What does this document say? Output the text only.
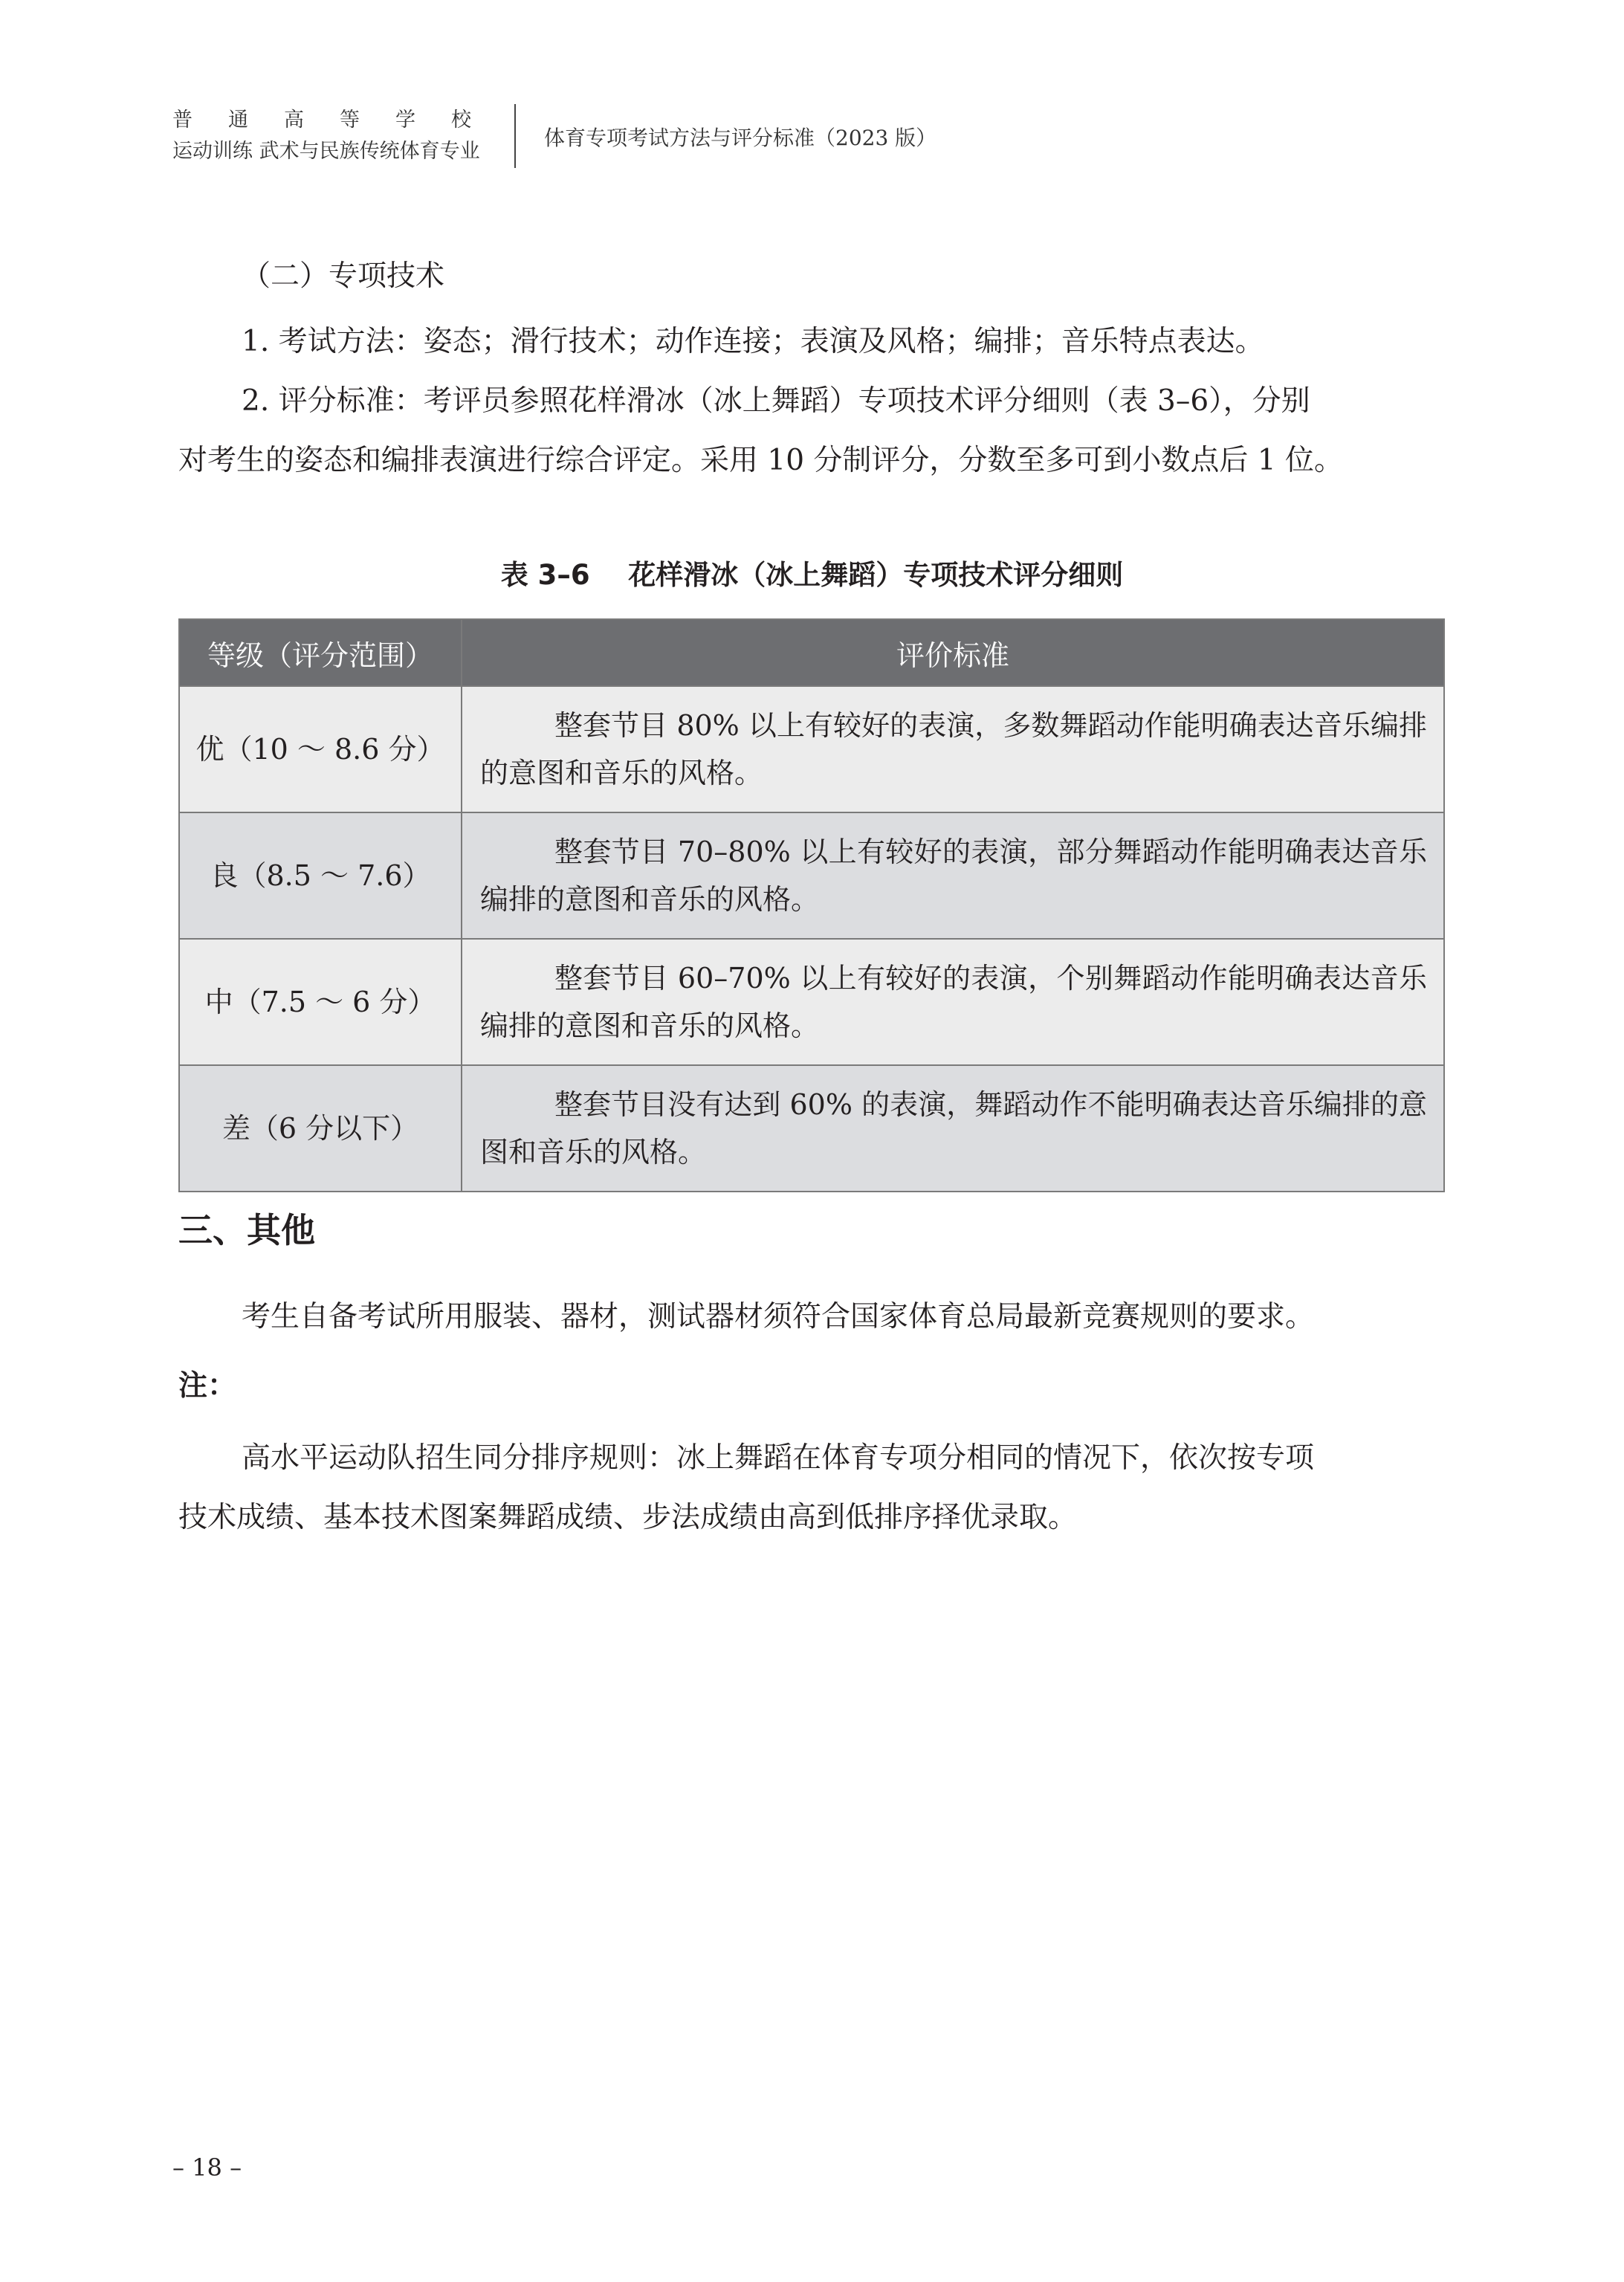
普通高等学校
运动训练 武术与民族传统体育专业
体育专项考试方法与评分标准（2023 版）
（二）专项技术
1. 考试方法：姿态；滑行技术；动作连接；表演及风格；编排；音乐特点表达。
2. 评分标准：考评员参照花样滑冰（冰上舞蹈）专项技术评分细则（表 3–6），分别
对考生的姿态和编排表演进行综合评定。采用 10 分制评分，分数至多可到小数点后 1 位。
表 3–6    花样滑冰（冰上舞蹈）专项技术评分细则
等级（评分范围）	评价标准
优（10 ～ 8.6 分）	整套节目 80% 以上有较好的表演，多数舞蹈动作能明确表达音乐编排的意图和音乐的风格。

良（8.5 ～ 7.6）	整套节目 70–80% 以上有较好的表演，部分舞蹈动作能明确表达音乐编排的意图和音乐的风格。

中（7.5 ～ 6 分）	整套节目 60–70% 以上有较好的表演，个别舞蹈动作能明确表达音乐编排的意图和音乐的风格。

差（6 分以下）	整套节目没有达到 60% 的表演，舞蹈动作不能明确表达音乐编排的意图和音乐的风格。
三、其他
考生自备考试所用服装、器材，测试器材须符合国家体育总局最新竞赛规则的要求。
注：
高水平运动队招生同分排序规则：冰上舞蹈在体育专项分相同的情况下，依次按专项
技术成绩、基本技术图案舞蹈成绩、步法成绩由高到低排序择优录取。
– 18 –
